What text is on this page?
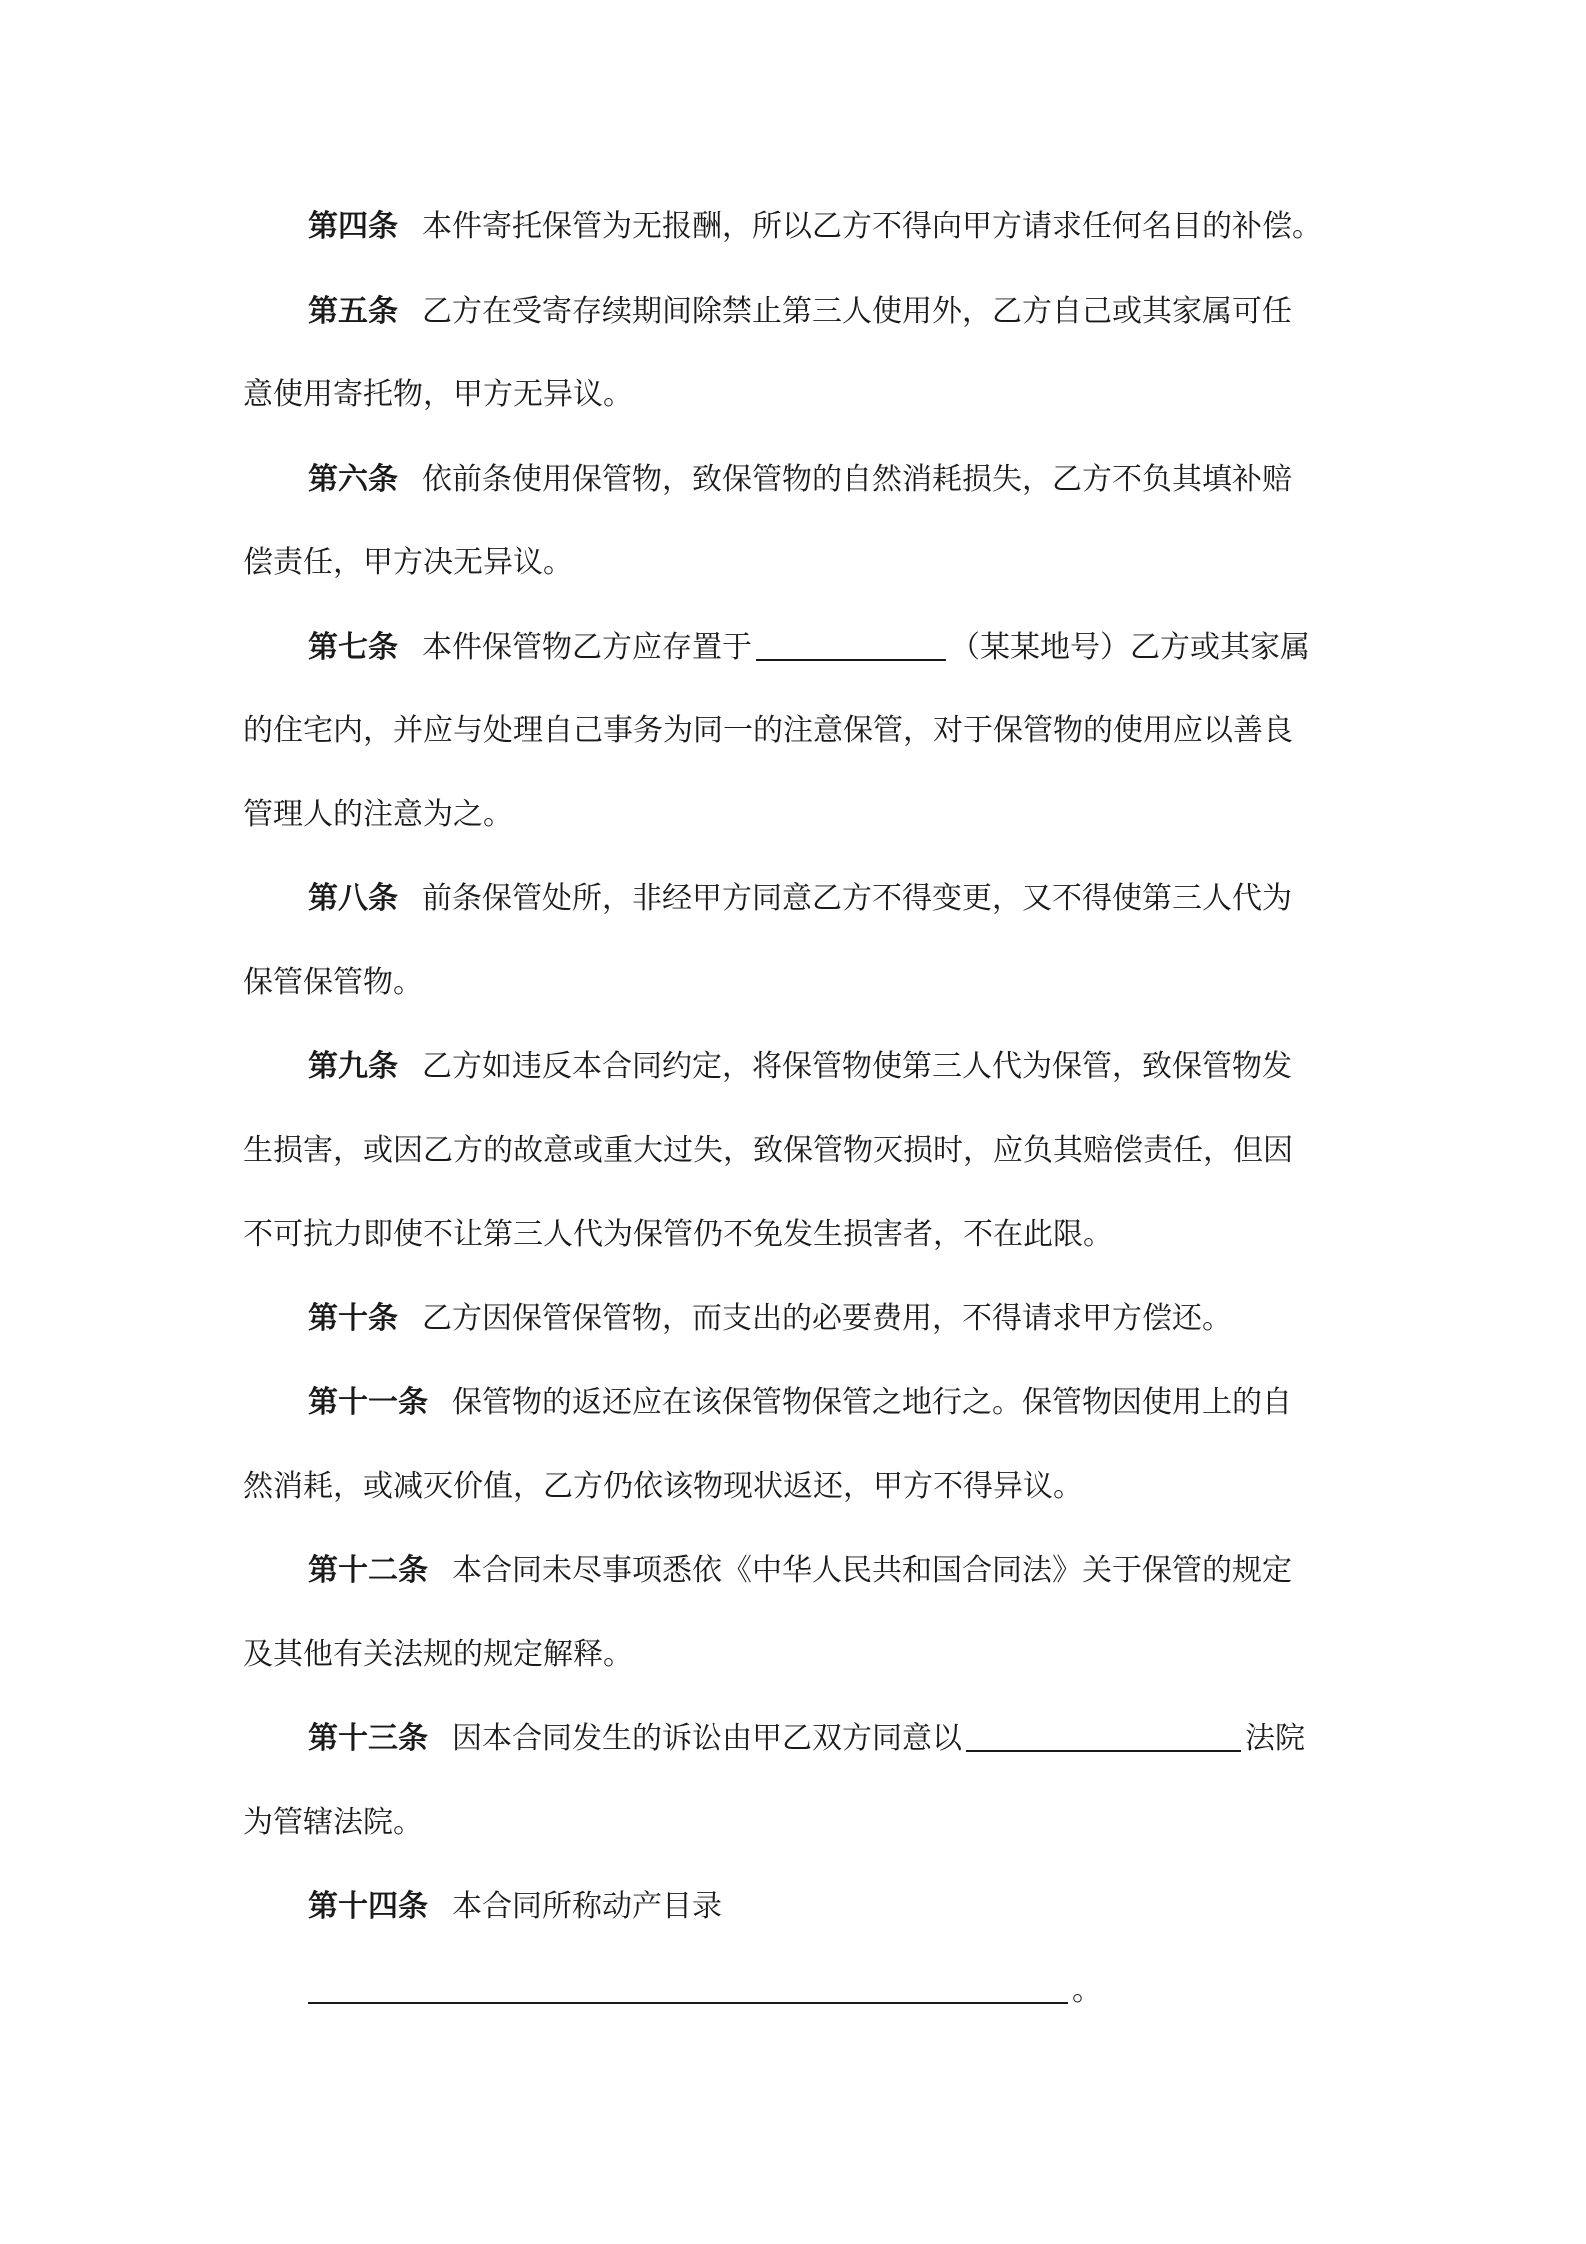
第四条 本件寄托保管为无报酬，所以乙方不得向甲方请求任何名目的补偿。
第五条 乙方在受寄存续期间除禁止第三人使用外，乙方自己或其家属可任
意使用寄托物，甲方无异议。
第六条 依前条使用保管物，致保管物的自然消耗损失，乙方不负其填补赔
偿责任，甲方决无异议。
第七条 本件保管物乙方应存置于	（某某地号）乙方或其家属
的住宅内，并应与处理自己事务为同一的注意保管，对于保管物的使用应以善良
管理人的注意为之。
第八条 前条保管处所，非经甲方同意乙方不得变更，又不得使第三人代为
保管保管物。
第九条 乙方如违反本合同约定，将保管物使第三人代为保管，致保管物发
生损害，或因乙方的故意或重大过失，致保管物灭损时，应负其赔偿责任，但因
不可抗力即使不让第三人代为保管仍不免发生损害者，不在此限。
第十条 乙方因保管保管物，而支出的必要费用，不得请求甲方偿还。
第十一条 保管物的返还应在该保管物保管之地行之。保管物因使用上的自
然消耗，或减灭价值，乙方仍依该物现状返还，甲方不得异议。
第十二条 本合同未尽事项悉依《中华人民共和国合同法》关于保管的规定
及其他有关法规的规定解释。
第十三条 因本合同发生的诉讼由甲乙双方同意以	法院
为管辖法院。
第十四条 本合同所称动产目录
。
